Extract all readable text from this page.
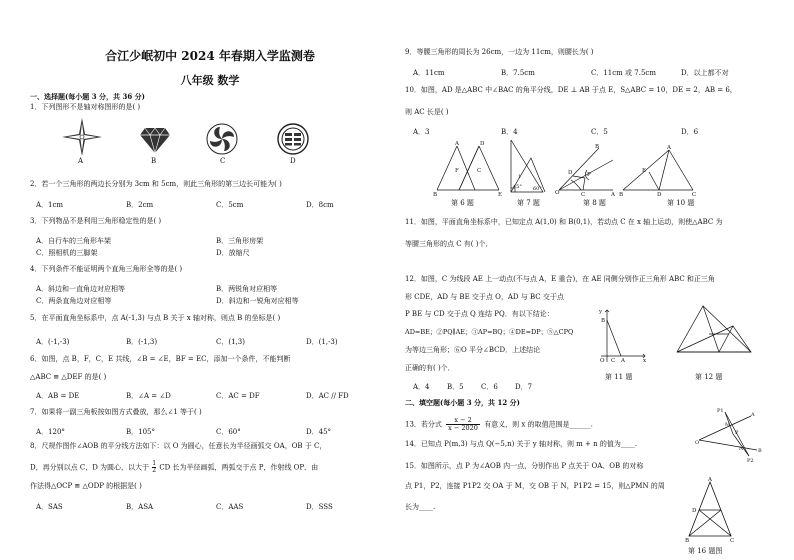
合江少岷初中 2024 年春期入学监测卷
八年级 数学
一、选择题(每小题 3 分，共 36 分)
1．下列图形不是轴对称图形的是( )
A	B	C	D
2．若一个三角形的两边长分别为 3cm 和 5cm，则此三角形的第三边长可能为( )
A．1cm	B．2cm	C．5cm	D．8cm
3．下列物品不是利用三角形稳定性的是( )
A．自行车的三角形车架	B．三角形房架
C．照相机的三脚架	D．放缩尺
4．下列条件不能证明两个直角三角形全等的是( )
A．斜边和一直角边对应相等	B．两锐角对应相等
C．两条直角边对应相等	D．斜边和一锐角对应相等
5．在平面直角坐标系中，点 A(-1,3) 与点 B 关于 x 轴对称，则点 B 的坐标是( )
A．(-1,-3)	B．(-1,3)	C．(1,3)	D．(1,-3)
6．如图，点 B，F，C，E 共线，∠B = ∠E，BF = EC，添加一个条件，不能判断
△ABC ≌ △DEF 的是( )
A．AB = DE	B．∠A = ∠D	C．AC = DF	D．AC // FD
7．如果将一副三角板按如图方式叠放，那么∠1 等于( )
A．120°	B．105°	C．60°	D．45°
8．尺规作图作∠AOB 的平分线方法如下：以 O 为圆心，任意长为半径画弧交 OA，OB 于 C，
D，再分别以点 C，D 为圆心，以大于 $\frac{1}{2}$ CD 长为半径画弧，两弧交于点 P，作射线 OP．由
作法得△OCP ≌ △ODP 的根据是( )
A．SAS	B．ASA	C．AAS	D．SSS
9．等腰三角形的周长为 26cm，一边为 11cm，则腰长为( )
A．11cm	B．7.5cm	C．11cm 或 7.5cm	D．以上都不对
10．如图，AD 是△ABC 中∠BAC 的角平分线，DE ⊥ AB 于点 E，S△ABC = 10，DE = 2，AB = 6，
则 AC 长是( )
A．3	B．4	C．5	D．6
A	D
F	C
B	E
第 6 题
1
45° 60°
第 7 题
O
D
B
C
P
A
第 8 题
A
E
B	D	C
第 10 题
11．如图，平面直角坐标系中，已知定点 A(1,0) 和 B(0,1)，若动点 C 在 x 轴上运动，则使△ABC 为
等腰三角形的点 C 有( )个．
12．如图，C 为线段 AE 上一动点(不与点 A，E 重合)，在 AE 同侧分别作正三角形 ABC 和正三角
形 CDE，AD 与 BE 交于点 O，AD 与 BC 交于点
P BE 与 CD 交于点 Q 连结 PQ．有以下结论：
AD=BE；②PQ∥AE；③AP=BQ；④DE=DP；⑤△CPQ
为等边三角形；⑥O 平分∠BCD．上述结论
正确的有( )个．
A．4 B．5 C．6 D．7
y
B
O C A	x
第 11 题	第 12 题
二、填空题(每小题 3 分，共 12 分)
13．若分式 $\frac{x - 2}{x - 2020}$ 有意义，则 x 的取值范围是______.
14．已知点 P(m,3) 与点 Q(−5,n) 关于 y 轴对称，则 m + n 的值为____.
15．如图所示，点 P 为∠AOB 内一点，分别作出 P 点关于 OA、OB 的对称
点 P1，P2，连接 P1P2 交 OA 于 M，交 OB 于 N，P1P2 = 15，则△PMN 的周
长为____.
A
P1
M
P
O
N	B
P2
A
D
B	C
第 16 题图
